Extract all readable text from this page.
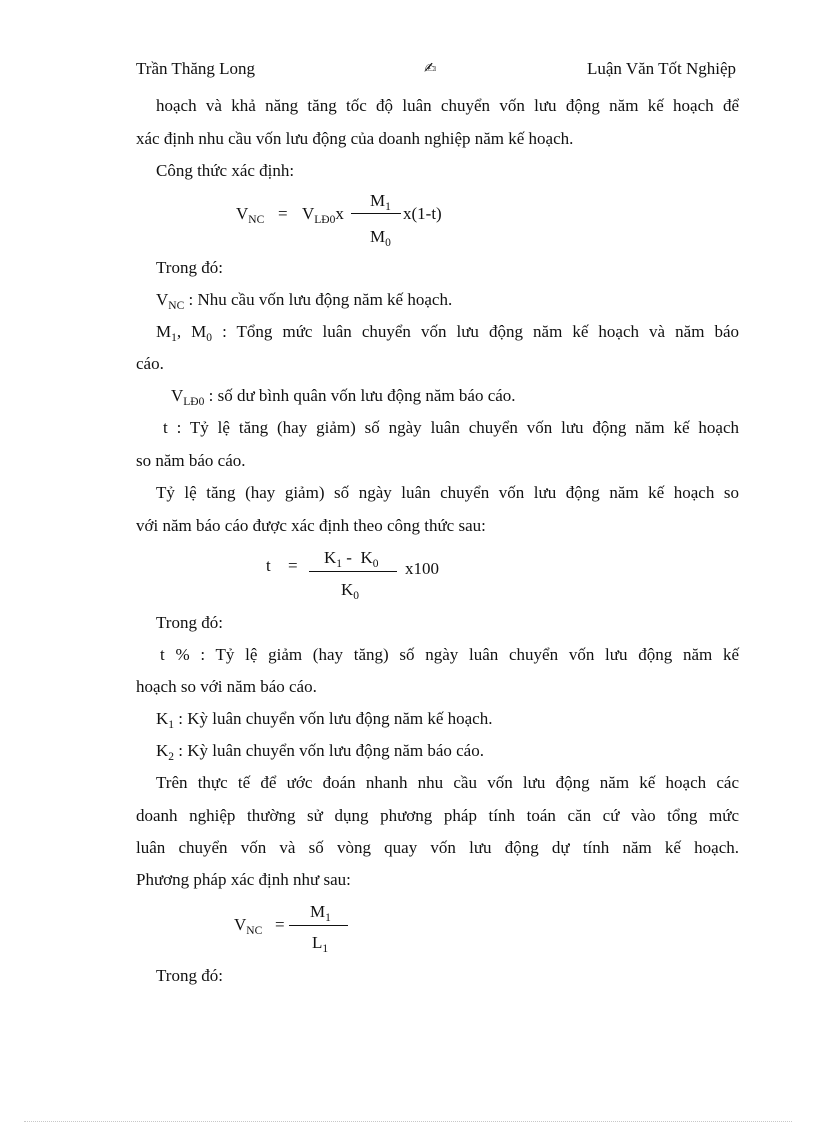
Trần Thăng Long	✍	Luận Văn Tốt Nghiệp
hoạch và khả năng tăng tốc độ luân chuyển vốn lưu động năm kế hoạch để
xác định nhu cầu vốn lưu động của doanh nghiệp năm kế hoạch.
Công thức xác định:
$V_{NC} = V_{LĐ0}x$
$M_1$
$M_0$
x(1-t)
Trong đó:
$V_{NC}$ : Nhu cầu vốn lưu động năm kế hoạch.
$M_1$, $M_0$ : Tổng mức luân chuyển vốn lưu động năm kế hoạch và năm báo
cáo.
$V_{LĐ0}$ : số dư bình quân vốn lưu động năm báo cáo.
t : Tỷ lệ tăng (hay giảm) số ngày luân chuyển vốn lưu động năm kế hoạch
so năm báo cáo.
Tỷ lệ tăng (hay giảm) số ngày luân chuyển vốn lưu động năm kế hoạch so
với năm báo cáo được xác định theo công thức sau:
$t = K_1 - K_0$
$K_0$
x100
Trong đó:
t % : Tỷ lệ giảm (hay tăng) số ngày luân chuyển vốn lưu động năm kế
hoạch so với năm báo cáo.
$K_1$ : Kỳ luân chuyển vốn lưu động năm kế hoạch.
$K_2$ : Kỳ luân chuyển vốn lưu động năm báo cáo.
Trên thực tế để ước đoán nhanh nhu cầu vốn lưu động năm kế hoạch các
doanh nghiệp thường sử dụng phương pháp tính toán căn cứ vào tổng mức
luân chuyển vốn và số vòng quay vốn lưu động dự tính năm kế hoạch.
Phương pháp xác định như sau:
$V_{NC}$ =
$M_1$
$L_1$
Trong đó:
